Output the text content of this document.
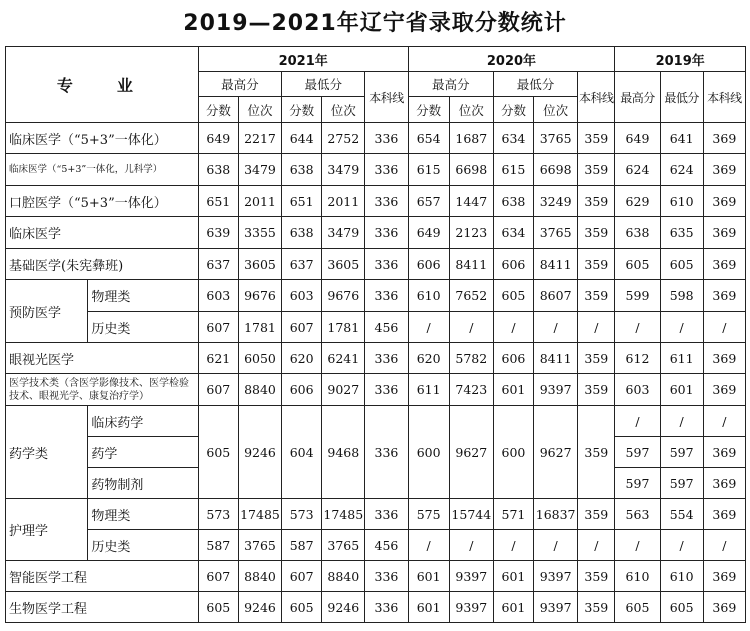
2019—2021年辽宁省录取分数统计
专　业		2021年					2020年					2019年		
		最高分		最低分		本科线	最高分		最低分		本科线	最高分	最低分	本科线
		分数	位次	分数	位次		分数	位次	分数	位次				
临床医学（“5+3”一体化）		649	2217	644	2752	336	654	1687	634	3765	359	649	641	369
临床医学（“5+3”一体化，儿科学）		638	3479	638	3479	336	615	6698	615	6698	359	624	624	369
口腔医学（“5+3”一体化）		651	2011	651	2011	336	657	1447	638	3249	359	629	610	369
临床医学		639	3355	638	3479	336	649	2123	634	3765	359	638	635	369
基础医学(朱宪彝班)		637	3605	637	3605	336	606	8411	606	8411	359	605	605	369
预防医学	物理类	603	9676	603	9676	336	610	7652	605	8607	359	599	598	369
	历史类	607	1781	607	1781	456	/	/	/	/	/	/	/	/
眼视光医学		621	6050	620	6241	336	620	5782	606	8411	359	612	611	369
医学技术类（含医学影像技术、医学检验技术、眼视光学、康复治疗学）		607	8840	606	9027	336	611	7423	601	9397	359	603	601	369
药学类	临床药学	605	9246	604	9468	336	600	9627	600	9627	359	/	/	/
	药学											597	597	369
	药物制剂											597	597	369
护理学	物理类	573	17485	573	17485	336	575	15744	571	16837	359	563	554	369
	历史类	587	3765	587	3765	456	/	/	/	/	/	/	/	/
智能医学工程		607	8840	607	8840	336	601	9397	601	9397	359	610	610	369
生物医学工程		605	9246	605	9246	336	601	9397	601	9397	359	605	605	369
